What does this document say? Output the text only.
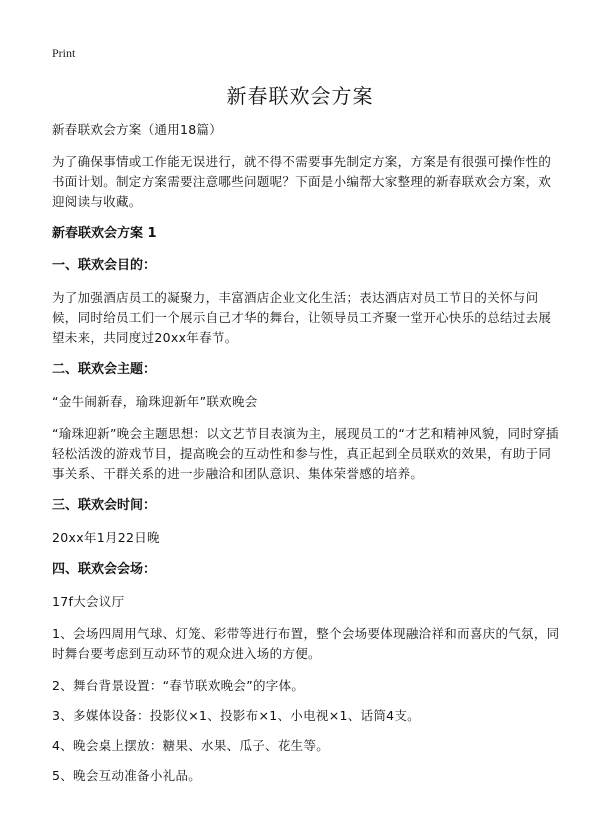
Print
新春联欢会方案

新春联欢会方案（通用18篇）

为了确保事情或工作能无误进行，就不得不需要事先制定方案，方案是有很强可操作性的书面计划。制定方案需要注意哪些问题呢？下面是小编帮大家整理的新春联欢会方案，欢迎阅读与收藏。

新春联欢会方案 1

一、联欢会目的：

为了加强酒店员工的凝聚力，丰富酒店企业文化生活；表达酒店对员工节日的关怀与问候，同时给员工们一个展示自己才华的舞台，让领导员工齐聚一堂开心快乐的总结过去展望未来，共同度过20xx年春节。

二、联欢会主题：

“金牛闹新春，瑜珠迎新年”联欢晚会

“瑜珠迎新”晚会主题思想：以文艺节目表演为主，展现员工的“才艺和精神风貌，同时穿插轻松活泼的游戏节目，提高晚会的互动性和参与性，真正起到全员联欢的效果，有助于同事关系、干群关系的进一步融洽和团队意识、集体荣誉感的培养。

三、联欢会时间：

20xx年1月22日晚

四、联欢会会场：

17f大会议厅

1、会场四周用气球、灯笼、彩带等进行布置，整个会场要体现融洽祥和而喜庆的气氛，同时舞台要考虑到互动环节的观众进入场的方便。

2、舞台背景设置：“春节联欢晚会”的字体。

3、多媒体设备：投影仪×1、投影布×1、小电视×1、话筒4支。

4、晚会桌上摆放：糖果、水果、瓜子、花生等。

5、晚会互动准备小礼品。
